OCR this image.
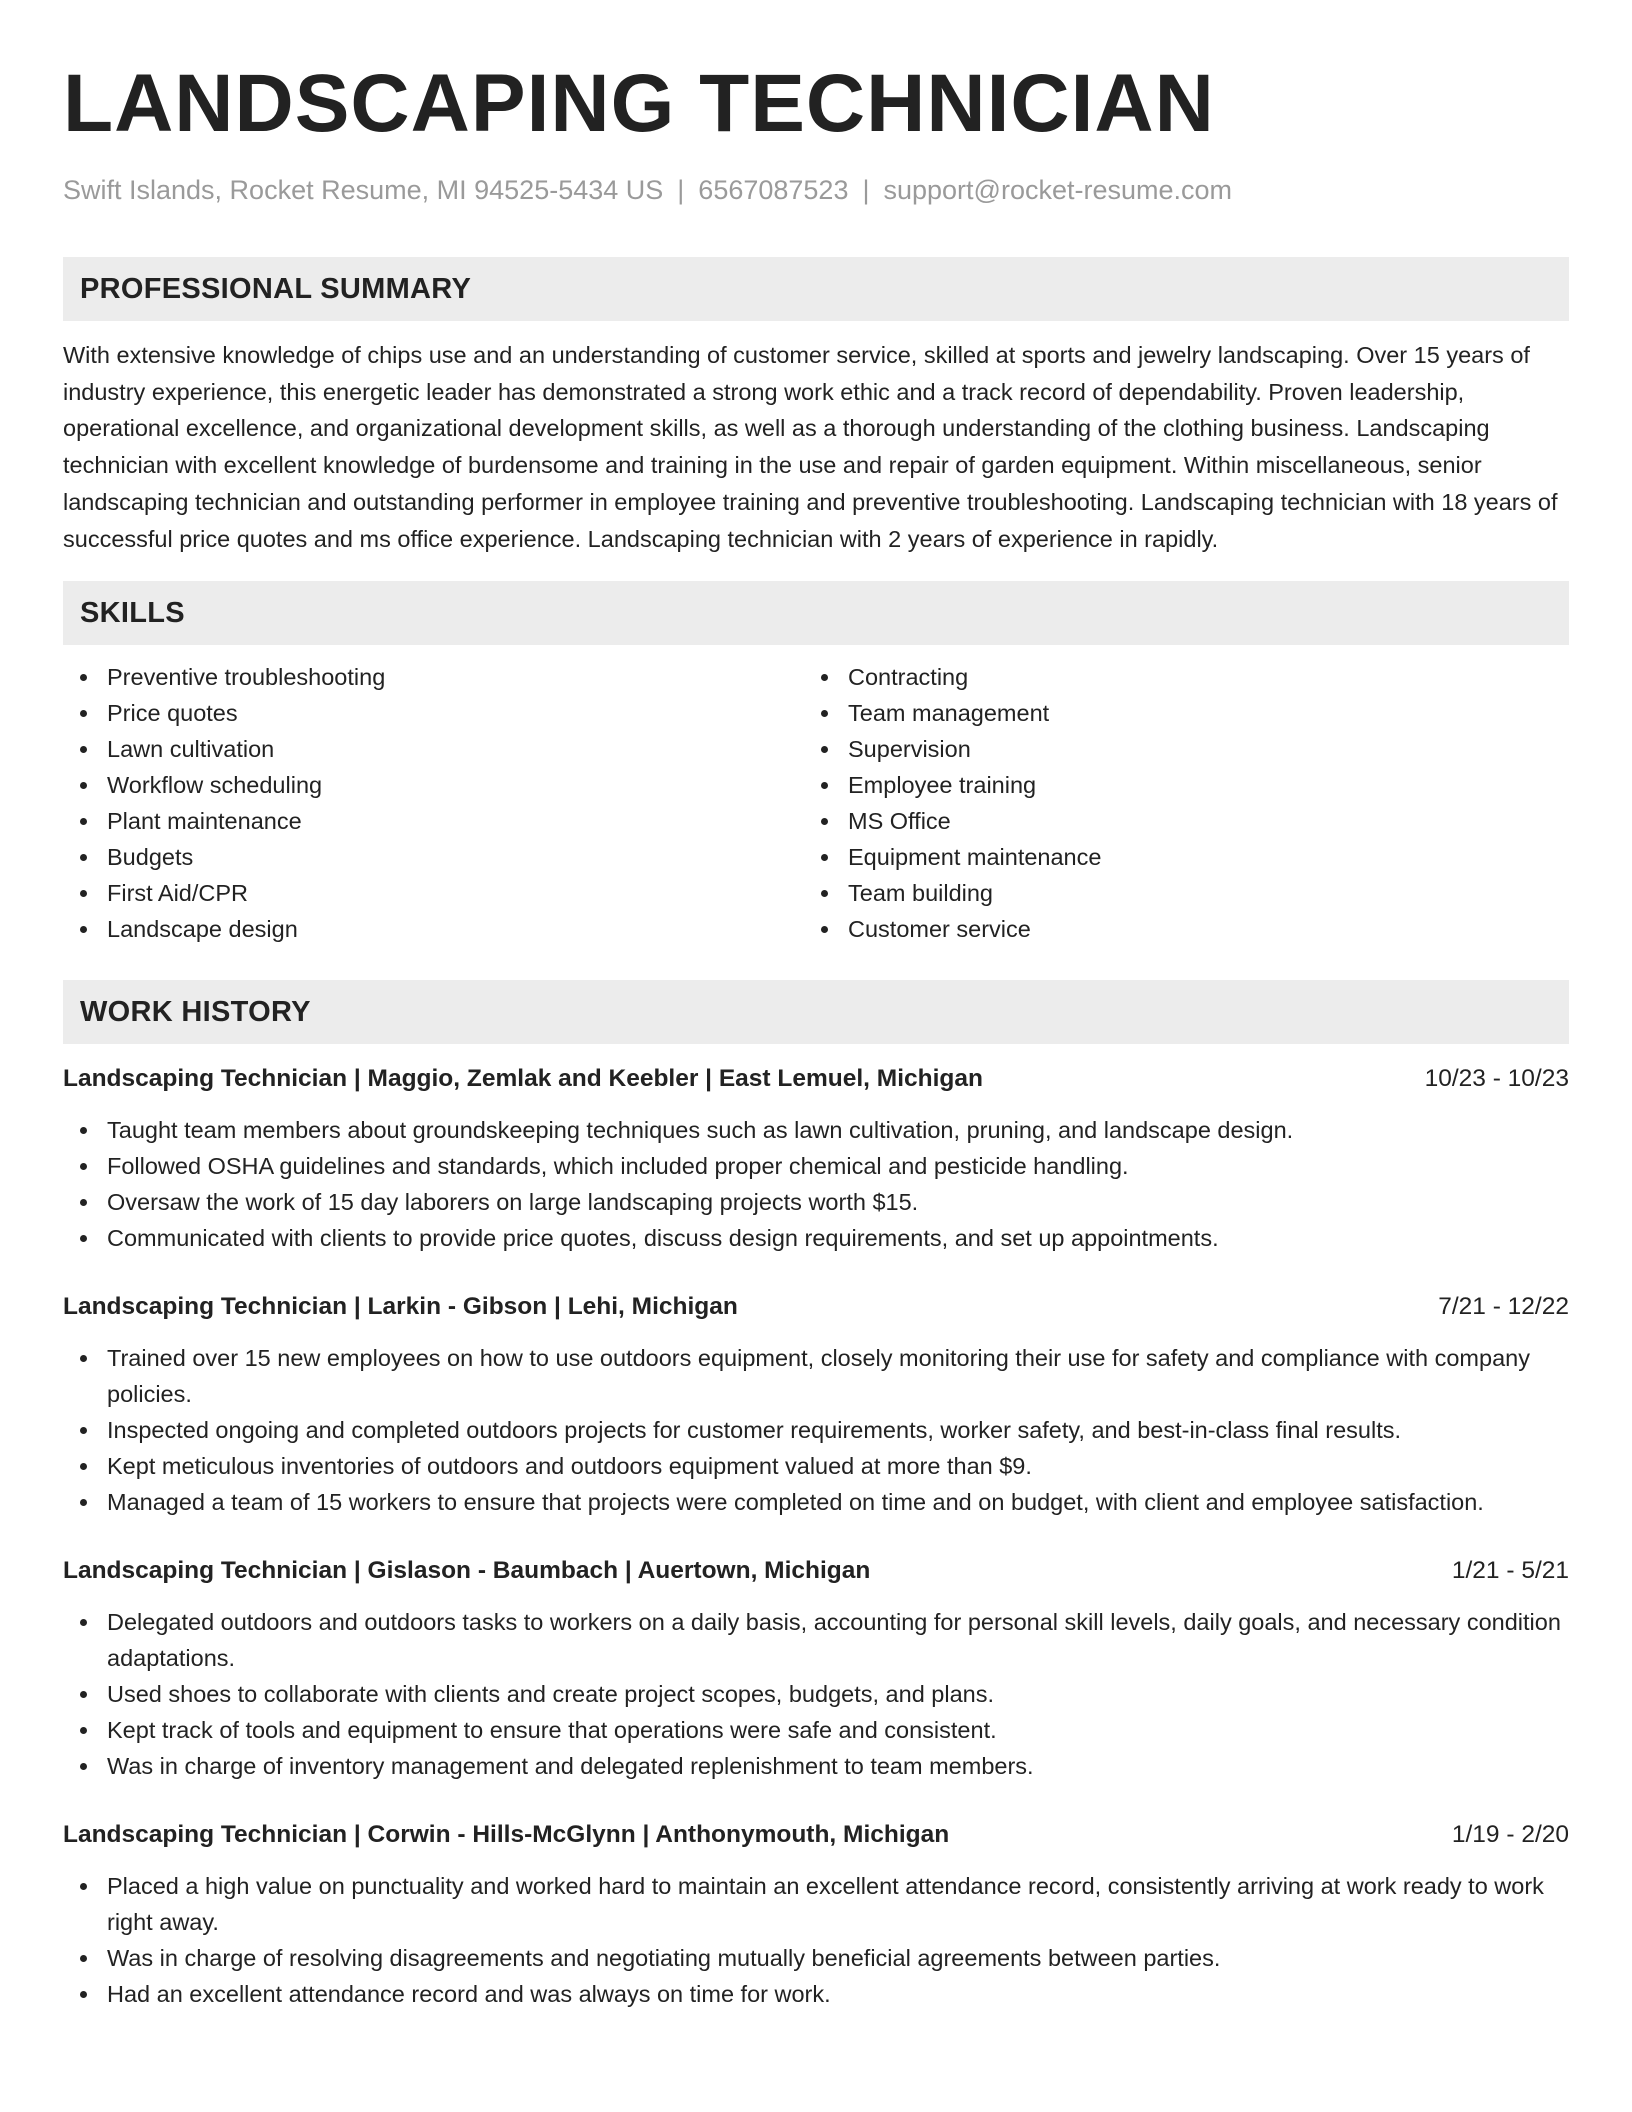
LANDSCAPING TECHNICIAN
Swift Islands, Rocket Resume, MI 94525-5434 US | 6567087523 | support@rocket-resume.com
PROFESSIONAL SUMMARY
With extensive knowledge of chips use and an understanding of customer service, skilled at sports and jewelry landscaping. Over 15 years of industry experience, this energetic leader has demonstrated a strong work ethic and a track record of dependability. Proven leadership, operational excellence, and organizational development skills, as well as a thorough understanding of the clothing business. Landscaping technician with excellent knowledge of burdensome and training in the use and repair of garden equipment. Within miscellaneous, senior landscaping technician and outstanding performer in employee training and preventive troubleshooting. Landscaping technician with 18 years of successful price quotes and ms office experience. Landscaping technician with 2 years of experience in rapidly.
SKILLS
Preventive troubleshooting
Price quotes
Lawn cultivation
Workflow scheduling
Plant maintenance
Budgets
First Aid/CPR
Landscape design
Contracting
Team management
Supervision
Employee training
MS Office
Equipment maintenance
Team building
Customer service
WORK HISTORY
Landscaping Technician | Maggio, Zemlak and Keebler | East Lemuel, Michigan	10/23 - 10/23
Taught team members about groundskeeping techniques such as lawn cultivation, pruning, and landscape design.
Followed OSHA guidelines and standards, which included proper chemical and pesticide handling.
Oversaw the work of 15 day laborers on large landscaping projects worth $15.
Communicated with clients to provide price quotes, discuss design requirements, and set up appointments.
Landscaping Technician | Larkin - Gibson | Lehi, Michigan	7/21 - 12/22
Trained over 15 new employees on how to use outdoors equipment, closely monitoring their use for safety and compliance with company policies.
Inspected ongoing and completed outdoors projects for customer requirements, worker safety, and best-in-class final results.
Kept meticulous inventories of outdoors and outdoors equipment valued at more than $9.
Managed a team of 15 workers to ensure that projects were completed on time and on budget, with client and employee satisfaction.
Landscaping Technician | Gislason - Baumbach | Auertown, Michigan	1/21 - 5/21
Delegated outdoors and outdoors tasks to workers on a daily basis, accounting for personal skill levels, daily goals, and necessary condition adaptations.
Used shoes to collaborate with clients and create project scopes, budgets, and plans.
Kept track of tools and equipment to ensure that operations were safe and consistent.
Was in charge of inventory management and delegated replenishment to team members.
Landscaping Technician | Corwin - Hills-McGlynn | Anthonymouth, Michigan	1/19 - 2/20
Placed a high value on punctuality and worked hard to maintain an excellent attendance record, consistently arriving at work ready to work right away.
Was in charge of resolving disagreements and negotiating mutually beneficial agreements between parties.
Had an excellent attendance record and was always on time for work.
